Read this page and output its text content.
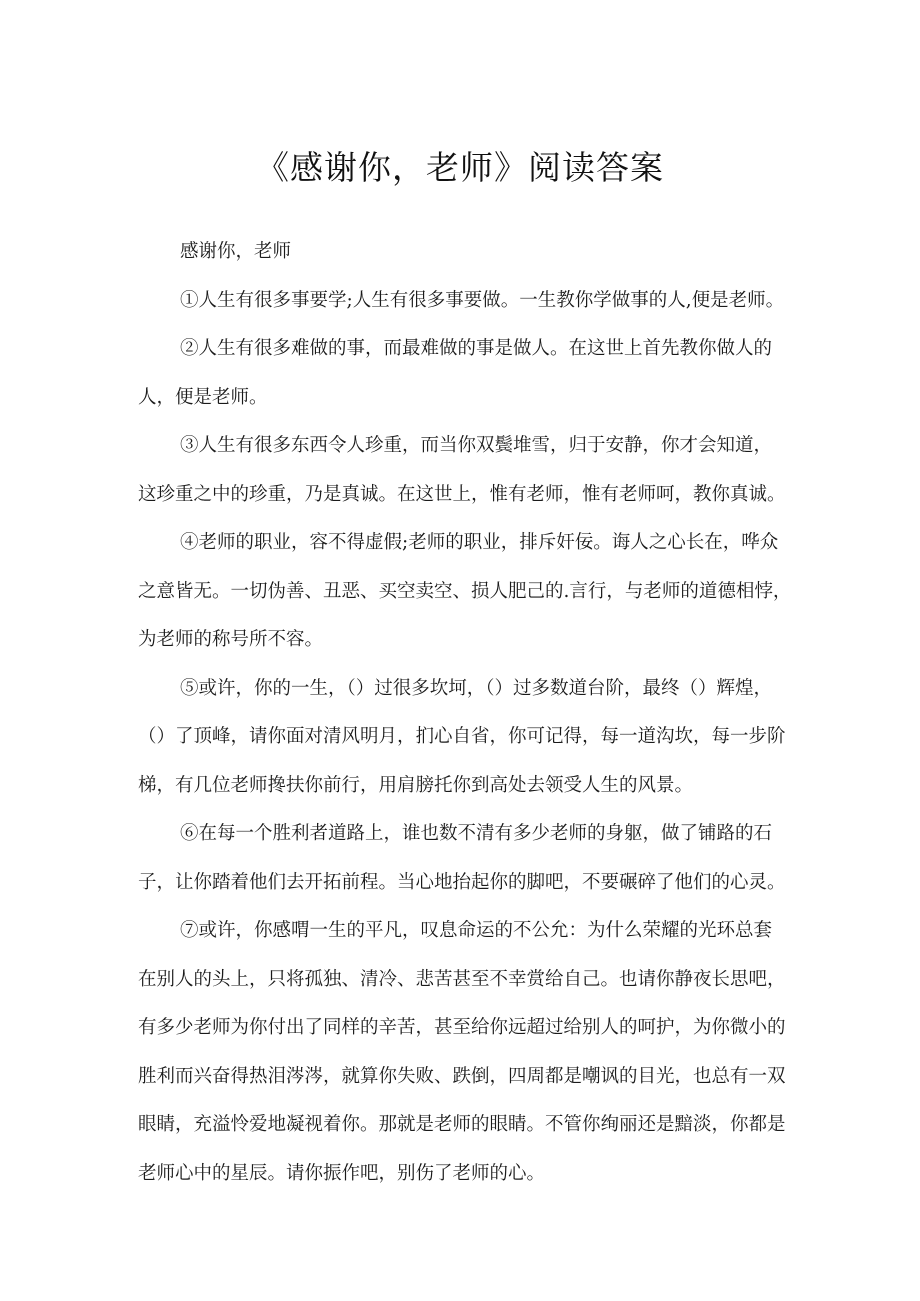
《感谢你，老师》阅读答案

感谢你，老师

①人生有很多事要学;人生有很多事要做。一生教你学做事的人,便是老师。

②人生有很多难做的事，而最难做的事是做人。在这世上首先教你做人的
人，便是老师。

③人生有很多东西令人珍重，而当你双鬓堆雪，归于安静，你才会知道，
这珍重之中的珍重，乃是真诚。在这世上，惟有老师，惟有老师呵，教你真诚。

④老师的职业，容不得虚假;老师的职业，排斥奸佞。诲人之心长在，哗众
之意皆无。一切伪善、丑恶、买空卖空、损人肥己的.言行，与老师的道德相悖，
为老师的称号所不容。

⑤或许，你的一生，（）过很多坎坷，（）过多数道台阶，最终（）辉煌，
（）了顶峰，请你面对清风明月，扪心自省，你可记得，每一道沟坎，每一步阶
梯，有几位老师搀扶你前行，用肩膀托你到高处去领受人生的风景。

⑥在每一个胜利者道路上，谁也数不清有多少老师的身躯，做了铺路的石
子，让你踏着他们去开拓前程。当心地抬起你的脚吧，不要碾碎了他们的心灵。

⑦或许，你感喟一生的平凡，叹息命运的不公允：为什么荣耀的光环总套
在别人的头上，只将孤独、清冷、悲苦甚至不幸赏给自己。也请你静夜长思吧，
有多少老师为你付出了同样的辛苦，甚至给你远超过给别人的呵护，为你微小的
胜利而兴奋得热泪涔涔，就算你失败、跌倒，四周都是嘲讽的目光，也总有一双
眼睛，充溢怜爱地凝视着你。那就是老师的眼睛。不管你绚丽还是黯淡，你都是
老师心中的星辰。请你振作吧，别伤了老师的心。
